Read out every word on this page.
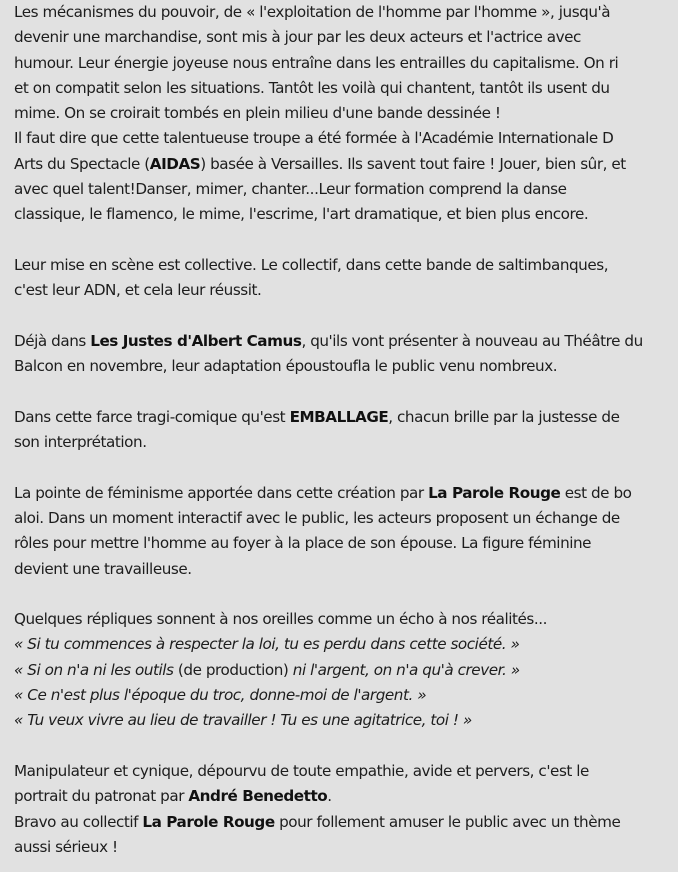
Les mécanismes du pouvoir, de « l'exploitation de l'homme par l'homme », jusqu'à
devenir une marchandise, sont mis à jour par les deux acteurs et l'actrice avec
humour. Leur énergie joyeuse nous entraîne dans les entrailles du capitalisme. On ri
et on compatit selon les situations. Tantôt les voilà qui chantent, tantôt ils usent du
mime. On se croirait tombés en plein milieu d'une bande dessinée !
Il faut dire que cette talentueuse troupe a été formée à l'Académie Internationale D
Arts du Spectacle (AIDAS) basée à Versailles. Ils savent tout faire ! Jouer, bien sûr, et
avec quel talent!Danser, mimer, chanter...Leur formation comprend la danse
classique, le flamenco, le mime, l'escrime, l'art dramatique, et bien plus encore.
Leur mise en scène est collective. Le collectif, dans cette bande de saltimbanques,
c'est leur ADN, et cela leur réussit.
Déjà dans Les Justes d'Albert Camus, qu'ils vont présenter à nouveau au Théâtre du
Balcon en novembre, leur adaptation époustoufla le public venu nombreux.
Dans cette farce tragi-comique qu'est EMBALLAGE, chacun brille par la justesse de
son interprétation.
La pointe de féminisme apportée dans cette création par La Parole Rouge est de bo
aloi. Dans un moment interactif avec le public, les acteurs proposent un échange de
rôles pour mettre l'homme au foyer à la place de son épouse. La figure féminine
devient une travailleuse.
Quelques répliques sonnent à nos oreilles comme un écho à nos réalités...
« Si tu commences à respecter la loi, tu es perdu dans cette société. »
« Si on n'a ni les outils (de production) ni l'argent, on n'a qu'à crever. »
« Ce n'est plus l'époque du troc, donne-moi de l'argent. »
« Tu veux vivre au lieu de travailler ! Tu es une agitatrice, toi ! »
Manipulateur et cynique, dépourvu de toute empathie, avide et pervers, c'est le
portrait du patronat par André Benedetto.
Bravo au collectif La Parole Rouge pour follement amuser le public avec un thème
aussi sérieux !
